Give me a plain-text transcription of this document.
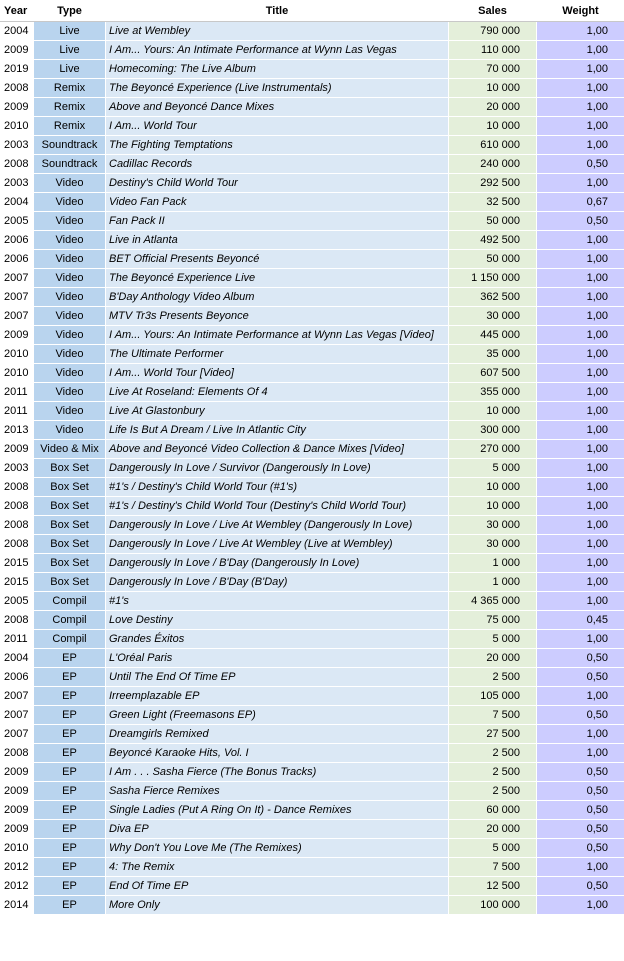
Year	Type	Title	Sales	Weight
2004	Live	Live at Wembley	790 000	1,00
2009	Live	I Am... Yours: An Intimate Performance at Wynn Las Vegas	110 000	1,00
2019	Live	Homecoming: The Live Album	70 000	1,00
2008	Remix	The Beyoncé Experience (Live Instrumentals)	10 000	1,00
2009	Remix	Above and Beyoncé Dance Mixes	20 000	1,00
2010	Remix	I Am... World Tour	10 000	1,00
2003	Soundtrack	The Fighting Temptations	610 000	1,00
2008	Soundtrack	Cadillac Records	240 000	0,50
2003	Video	Destiny's Child World Tour	292 500	1,00
2004	Video	Video Fan Pack	32 500	0,67
2005	Video	Fan Pack II	50 000	0,50
2006	Video	Live in Atlanta	492 500	1,00
2006	Video	BET Official Presents Beyoncé	50 000	1,00
2007	Video	The Beyoncé Experience Live	1 150 000	1,00
2007	Video	B'Day Anthology Video Album	362 500	1,00
2007	Video	MTV Tr3s Presents Beyonce	30 000	1,00
2009	Video	I Am... Yours: An Intimate Performance at Wynn Las Vegas [Video]	445 000	1,00
2010	Video	The Ultimate Performer	35 000	1,00
2010	Video	I Am... World Tour [Video]	607 500	1,00
2011	Video	Live At Roseland: Elements Of 4	355 000	1,00
2011	Video	Live At Glastonbury	10 000	1,00
2013	Video	Life Is But A Dream / Live In Atlantic City	300 000	1,00
2009	Video & Mix	Above and Beyoncé Video Collection & Dance Mixes [Video]	270 000	1,00
2003	Box Set	Dangerously In Love / Survivor (Dangerously In Love)	5 000	1,00
2008	Box Set	#1's / Destiny's Child World Tour (#1's)	10 000	1,00
2008	Box Set	#1's / Destiny's Child World Tour (Destiny's Child World Tour)	10 000	1,00
2008	Box Set	Dangerously In Love / Live At Wembley (Dangerously In Love)	30 000	1,00
2008	Box Set	Dangerously In Love / Live At Wembley (Live at Wembley)	30 000	1,00
2015	Box Set	Dangerously In Love / B'Day (Dangerously In Love)	1 000	1,00
2015	Box Set	Dangerously In Love / B'Day (B'Day)	1 000	1,00
2005	Compil	#1's	4 365 000	1,00
2008	Compil	Love Destiny	75 000	0,45
2011	Compil	Grandes Éxitos	5 000	1,00
2004	EP	L'Oréal Paris	20 000	0,50
2006	EP	Until The End Of Time EP	2 500	0,50
2007	EP	Irreemplazable EP	105 000	1,00
2007	EP	Green Light (Freemasons EP)	7 500	0,50
2007	EP	Dreamgirls Remixed	27 500	1,00
2008	EP	Beyoncé Karaoke Hits, Vol. I	2 500	1,00
2009	EP	I Am . . . Sasha Fierce (The Bonus Tracks)	2 500	0,50
2009	EP	Sasha Fierce Remixes	2 500	0,50
2009	EP	Single Ladies (Put A Ring On It) - Dance Remixes	60 000	0,50
2009	EP	Diva EP	20 000	0,50
2010	EP	Why Don't You Love Me (The Remixes)	5 000	0,50
2012	EP	4: The Remix	7 500	1,00
2012	EP	End Of Time EP	12 500	0,50
2014	EP	More Only	100 000	1,00
